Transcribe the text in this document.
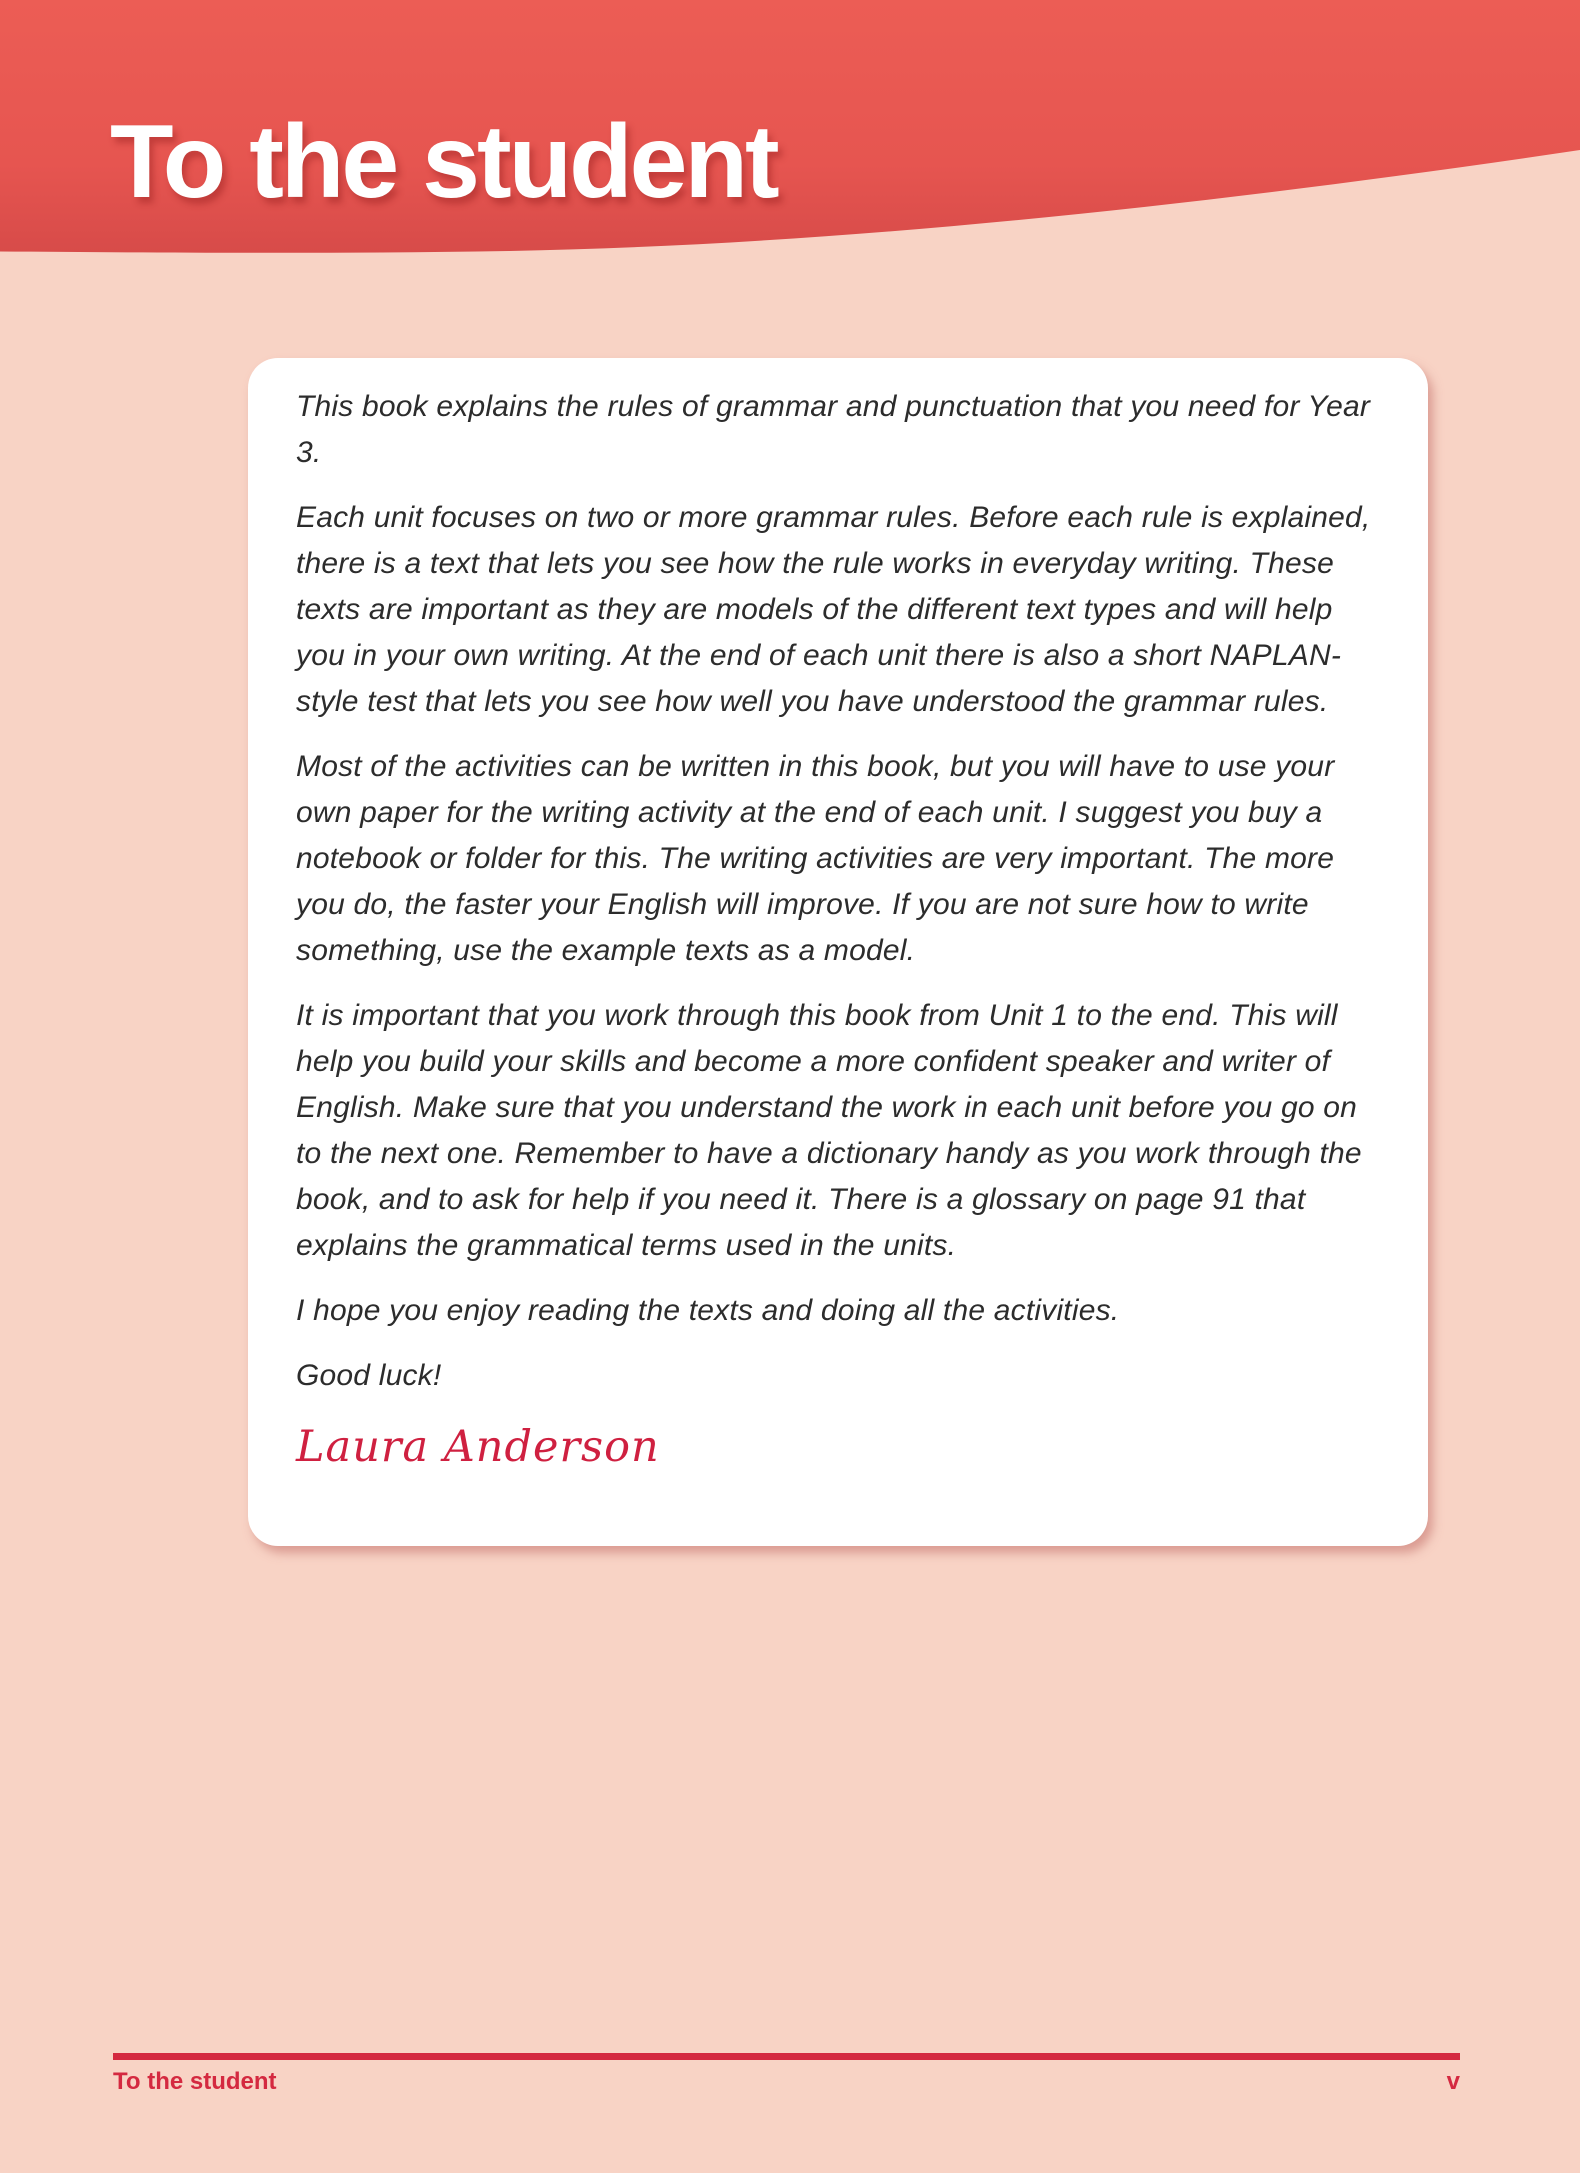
To the student

This book explains the rules of grammar and punctuation that you need for Year 3.

Each unit focuses on two or more grammar rules. Before each rule is explained, there is a text that lets you see how the rule works in everyday writing. These texts are important as they are models of the different text types and will help you in your own writing. At the end of each unit there is also a short NAPLAN-style test that lets you see how well you have understood the grammar rules.

Most of the activities can be written in this book, but you will have to use your own paper for the writing activity at the end of each unit. I suggest you buy a notebook or folder for this. The writing activities are very important. The more you do, the faster your English will improve. If you are not sure how to write something, use the example texts as a model.

It is important that you work through this book from Unit 1 to the end. This will help you build your skills and become a more confident speaker and writer of English. Make sure that you understand the work in each unit before you go on to the next one. Remember to have a dictionary handy as you work through the book, and to ask for help if you need it. There is a glossary on page 91 that explains the grammatical terms used in the units.

I hope you enjoy reading the texts and doing all the activities.

Good luck!

Laura Anderson
To the student	v
